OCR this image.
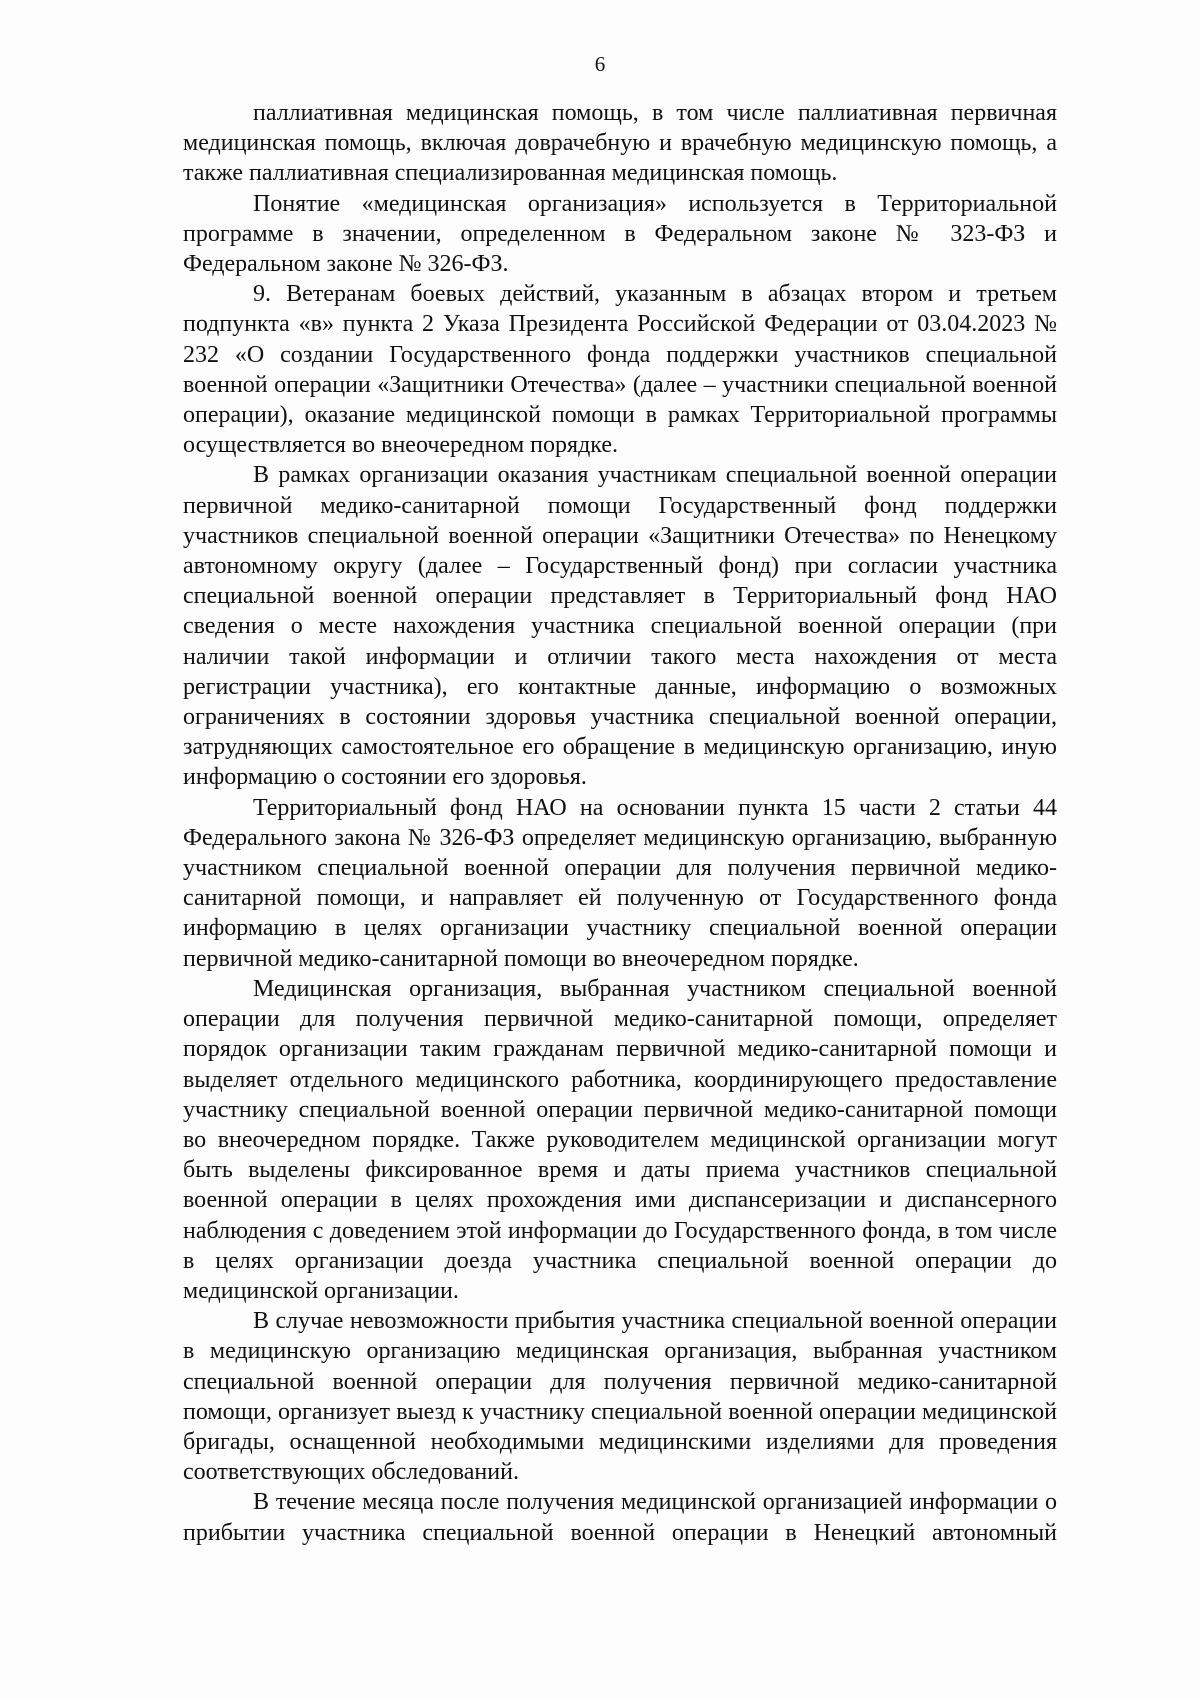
6

паллиативная медицинская помощь, в том числе паллиативная первичная медицинская помощь, включая доврачебную и врачебную медицинскую помощь, а также паллиативная специализированная медицинская помощь.

Понятие «медицинская организация» используется в Территориальной программе в значении, определенном в Федеральном законе № 323-ФЗ и Федеральном законе № 326-ФЗ.

9. Ветеранам боевых действий, указанным в абзацах втором и третьем подпункта «в» пункта 2 Указа Президента Российской Федерации от 03.04.2023 № 232 «О создании Государственного фонда поддержки участников специальной военной операции «Защитники Отечества» (далее – участники специальной военной операции), оказание медицинской помощи в рамках Территориальной программы осуществляется во внеочередном порядке.

В рамках организации оказания участникам специальной военной операции первичной медико-санитарной помощи Государственный фонд поддержки участников специальной военной операции «Защитники Отечества» по Ненецкому автономному округу (далее – Государственный фонд) при согласии участника специальной военной операции представляет в Территориальный фонд НАО сведения о месте нахождения участника специальной военной операции (при наличии такой информации и отличии такого места нахождения от места регистрации участника), его контактные данные, информацию о возможных ограничениях в состоянии здоровья участника специальной военной операции, затрудняющих самостоятельное его обращение в медицинскую организацию, иную информацию о состоянии его здоровья.

Территориальный фонд НАО на основании пункта 15 части 2 статьи 44 Федерального закона № 326-ФЗ определяет медицинскую организацию, выбранную участником специальной военной операции для получения первичной медико-санитарной помощи, и направляет ей полученную от Государственного фонда информацию в целях организации участнику специальной военной операции первичной медико-санитарной помощи во внеочередном порядке.

Медицинская организация, выбранная участником специальной военной операции для получения первичной медико-санитарной помощи, определяет порядок организации таким гражданам первичной медико-санитарной помощи и выделяет отдельного медицинского работника, координирующего предоставление участнику специальной военной операции первичной медико-санитарной помощи во внеочередном порядке. Также руководителем медицинской организации могут быть выделены фиксированное время и даты приема участников специальной военной операции в целях прохождения ими диспансеризации и диспансерного наблюдения с доведением этой информации до Государственного фонда, в том числе в целях организации доезда участника специальной военной операции до медицинской организации.

В случае невозможности прибытия участника специальной военной операции в медицинскую организацию медицинская организация, выбранная участником специальной военной операции для получения первичной медико-санитарной помощи, организует выезд к участнику специальной военной операции медицинской бригады, оснащенной необходимыми медицинскими изделиями для проведения соответствующих обследований.

В течение месяца после получения медицинской организацией информации о прибытии участника специальной военной операции в Ненецкий автономный
